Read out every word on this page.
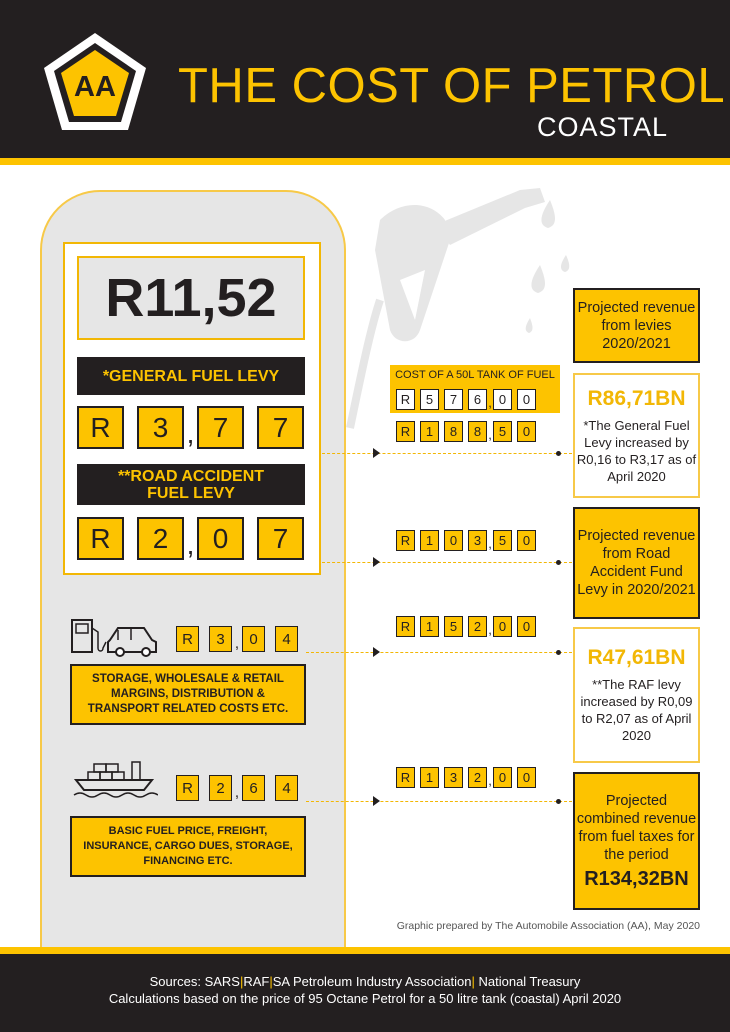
AA THE COST OF PETROL
COASTAL
R11,52
*GENERAL FUEL LEVY
R	3 , 7	7
**ROAD ACCIDENT
FUEL LEVY
R	2 , 0	7
R	3 , 0	4
STORAGE, WHOLESALE & RETAIL MARGINS, DISTRIBUTION & TRANSPORT RELATED COSTS ETC.
R	2 , 6	4
BASIC FUEL PRICE, FREIGHT, INSURANCE, CARGO DUES, STORAGE, FINANCING ETC.
COST OF A 50L TANK OF FUEL
R	5	7	6 , 0	0
R	1	8	8 , 5	0
R	1	0	3 , 5	0
R	1	5	2 , 0	0
R	1	3	2 , 0	0
Projected revenue from levies 2020/2021
R86,71BN
*The General Fuel Levy increased by R0,16 to R3,17 as of April 2020
Projected revenue from Road Accident Fund Levy in 2020/2021
R47,61BN
**The RAF levy increased by R0,09 to R2,07 as of April 2020
Projected combined revenue from fuel taxes for the period
R134,32BN
Graphic prepared by The Automobile Association (AA), May 2020
Sources: SARS|RAF|SA Petroleum Industry Association| National Treasury
Calculations based on the price of 95 Octane Petrol for a 50 litre tank (coastal) April 2020
